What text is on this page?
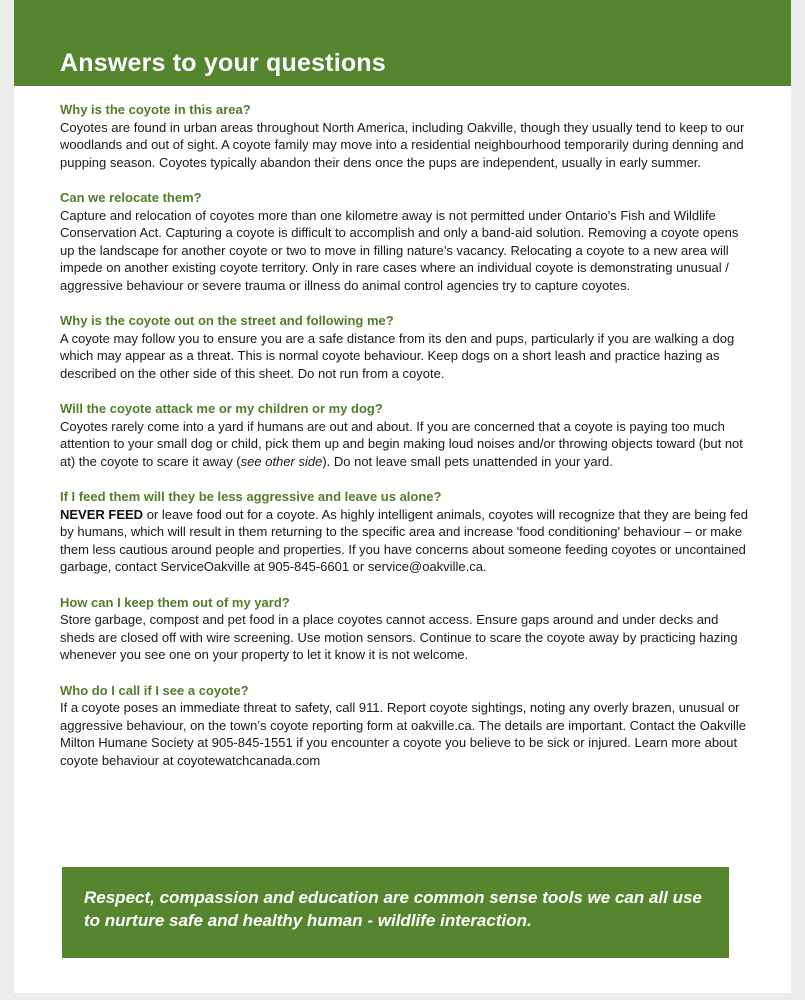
Answers to your questions
Why is the coyote in this area?

Coyotes are found in urban areas throughout North America, including Oakville, though they usually tend to keep to our woodlands and out of sight. A coyote family may move into a residential neighbourhood temporarily during denning and pupping season. Coyotes typically abandon their dens once the pups are independent, usually in early summer.

Can we relocate them?

Capture and relocation of coyotes more than one kilometre away is not permitted under Ontario's Fish and Wildlife Conservation Act. Capturing a coyote is difficult to accomplish and only a band-aid solution. Removing a coyote opens up the landscape for another coyote or two to move in filling nature’s vacancy. Relocating a coyote to a new area will impede on another existing coyote territory. Only in rare cases where an individual coyote is demonstrating unusual / aggressive behaviour or severe trauma or illness do animal control agencies try to capture coyotes.

Why is the coyote out on the street and following me?

A coyote may follow you to ensure you are a safe distance from its den and pups, particularly if you are walking a dog which may appear as a threat. This is normal coyote behaviour. Keep dogs on a short leash and practice hazing as described on the other side of this sheet. Do not run from a coyote.

Will the coyote attack me or my children or my dog?

Coyotes rarely come into a yard if humans are out and about. If you are concerned that a coyote is paying too much attention to your small dog or child, pick them up and begin making loud noises and/or throwing objects toward (but not at) the coyote to scare it away (see other side). Do not leave small pets unattended in your yard.

If I feed them will they be less aggressive and leave us alone?

NEVER FEED or leave food out for a coyote. As highly intelligent animals, coyotes will recognize that they are being fed by humans, which will result in them returning to the specific area and increase 'food conditioning' behaviour – or make them less cautious around people and properties. If you have concerns about someone feeding coyotes or uncontained garbage, contact ServiceOakville at 905-845-6601 or service@oakville.ca.

How can I keep them out of my yard?

Store garbage, compost and pet food in a place coyotes cannot access. Ensure gaps around and under decks and sheds are closed off with wire screening. Use motion sensors. Continue to scare the coyote away by practicing hazing whenever you see one on your property to let it know it is not welcome.

Who do I call if I see a coyote?

If a coyote poses an immediate threat to safety, call 911. Report coyote sightings, noting any overly brazen, unusual or aggressive behaviour, on the town’s coyote reporting form at oakville.ca. The details are important. Contact the Oakville Milton Humane Society at 905-845-1551 if you encounter a coyote you believe to be sick or injured. Learn more about coyote behaviour at coyotewatchcanada.com

Respect, compassion and education are common sense tools we can all use to nurture safe and healthy human - wildlife interaction.
